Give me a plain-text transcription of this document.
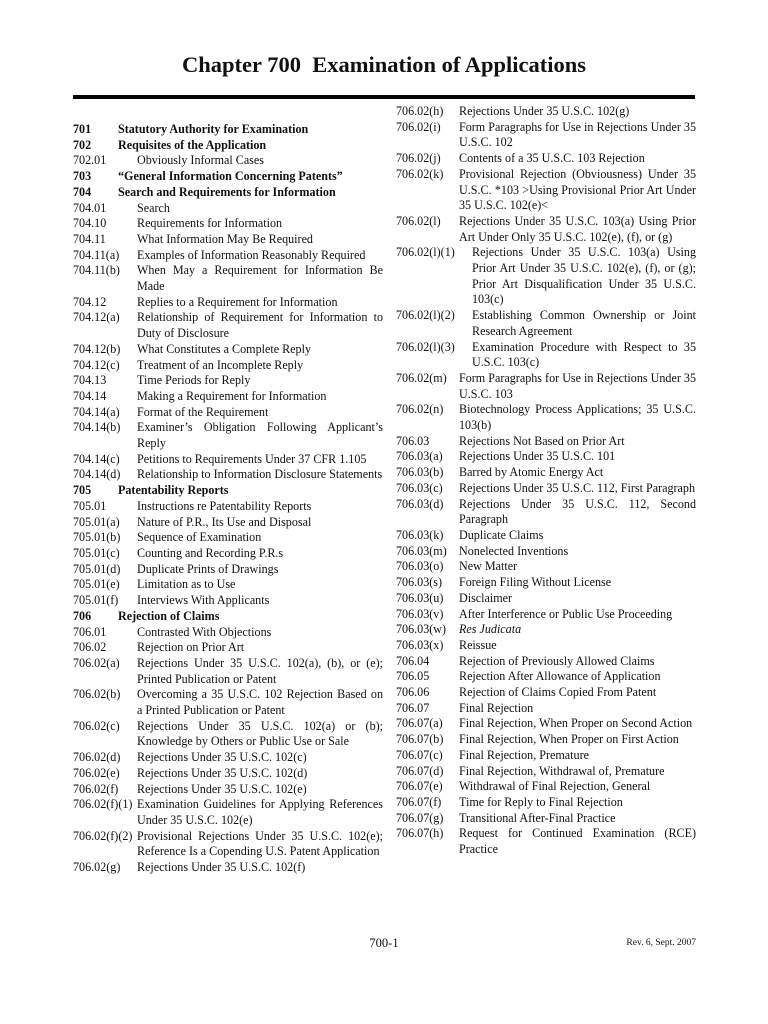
Chapter 700  Examination of Applications
701	Statutory Authority for Examination
702	Requisites of the Application
702.01	Obviously Informal Cases
703	“General Information Concerning Patents”
704	Search and Requirements for Information
704.01	Search
704.10	Requirements for Information
704.11	What Information May Be Required
704.11(a)	Examples of Information Reasonably Required
704.11(b)	When May a Requirement for Information Be Made
704.12	Replies to a Requirement for Information
704.12(a)	Relationship of Requirement for Information to Duty of Disclosure
704.12(b)	What Constitutes a Complete Reply
704.12(c)	Treatment of an Incomplete Reply
704.13	Time Periods for Reply
704.14	Making a Requirement for Information
704.14(a)	Format of the Requirement
704.14(b)	Examiner’s Obligation Following Applicant’s Reply
704.14(c)	Petitions to Requirements Under 37 CFR 1.105
704.14(d)	Relationship to Information Disclosure Statements
705	Patentability Reports
705.01	Instructions re Patentability Reports
705.01(a)	Nature of P.R., Its Use and Disposal
705.01(b)	Sequence of Examination
705.01(c)	Counting and Recording P.R.s
705.01(d)	Duplicate Prints of Drawings
705.01(e)	Limitation as to Use
705.01(f)	Interviews With Applicants
706	Rejection of Claims
706.01	Contrasted With Objections
706.02	Rejection on Prior Art
706.02(a)	Rejections Under 35 U.S.C. 102(a), (b), or (e); Printed Publication or Patent
706.02(b)	Overcoming a 35 U.S.C. 102 Rejection Based on a Printed Publication or Patent
706.02(c)	Rejections Under 35 U.S.C. 102(a) or (b); Knowledge by Others or Public Use or Sale
706.02(d)	Rejections Under 35 U.S.C. 102(c)
706.02(e)	Rejections Under 35 U.S.C. 102(d)
706.02(f)	Rejections Under 35 U.S.C. 102(e)
706.02(f)(1) Examination Guidelines for Applying References Under 35 U.S.C. 102(e)
706.02(f)(2) Provisional Rejections Under 35 U.S.C. 102(e); Reference Is a Copending U.S. Patent Application
706.02(g)	Rejections Under 35 U.S.C. 102(f)
706.02(h)	Rejections Under 35 U.S.C. 102(g)
706.02(i)	Form Paragraphs for Use in Rejections Under 35 U.S.C. 102
706.02(j)	Contents of a 35 U.S.C. 103 Rejection
706.02(k)	Provisional Rejection (Obviousness) Under 35 U.S.C. *103 >Using Provisional Prior Art Under 35 U.S.C. 102(e)<
706.02(l)	Rejections Under 35 U.S.C. 103(a) Using Prior Art Under Only 35 U.S.C. 102(e), (f), or (g)
706.02(l)(1)	Rejections Under 35 U.S.C. 103(a) Using Prior Art Under 35 U.S.C. 102(e), (f), or (g); Prior Art Disqualification Under 35 U.S.C. 103(c)
706.02(l)(2)	Establishing Common Ownership or Joint Research Agreement
706.02(l)(3)	Examination Procedure with Respect to 35 U.S.C. 103(c)
706.02(m)	Form Paragraphs for Use in Rejections Under 35 U.S.C. 103
706.02(n)	Biotechnology Process Applications; 35 U.S.C. 103(b)
706.03	Rejections Not Based on Prior Art
706.03(a)	Rejections Under 35 U.S.C. 101
706.03(b)	Barred by Atomic Energy Act
706.03(c)	Rejections Under 35 U.S.C. 112, First Paragraph
706.03(d)	Rejections Under 35 U.S.C. 112, Second Paragraph
706.03(k)	Duplicate Claims
706.03(m)	Nonelected Inventions
706.03(o)	New Matter
706.03(s)	Foreign Filing Without License
706.03(u)	Disclaimer
706.03(v)	After Interference or Public Use Proceeding
706.03(w)	Res Judicata
706.03(x)	Reissue
706.04	Rejection of Previously Allowed Claims
706.05	Rejection After Allowance of Application
706.06	Rejection of Claims Copied From Patent
706.07	Final Rejection
706.07(a)	Final Rejection, When Proper on Second Action
706.07(b)	Final Rejection, When Proper on First Action
706.07(c)	Final Rejection, Premature
706.07(d)	Final Rejection, Withdrawal of, Premature
706.07(e)	Withdrawal of Final Rejection, General
706.07(f)	Time for Reply to Final Rejection
706.07(g)	Transitional After-Final Practice
706.07(h)	Request for Continued Examination (RCE) Practice
700-1	Rev. 6, Sept. 2007
